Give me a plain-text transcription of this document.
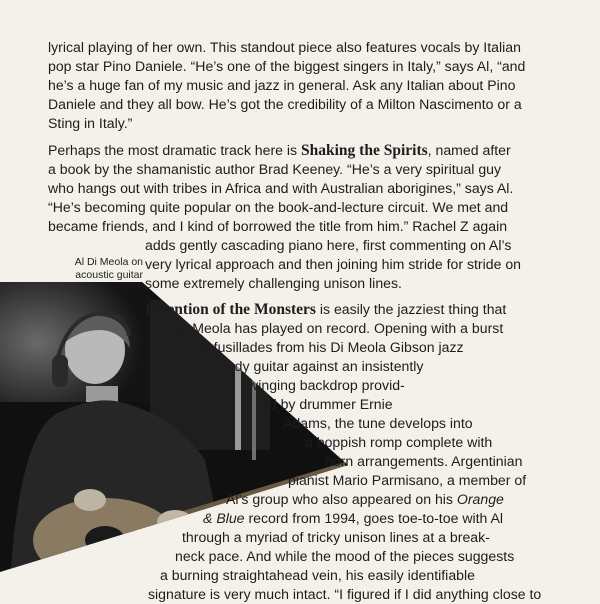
lyrical playing of her own. This standout piece also features vocals by Italian
pop star Pino Daniele. “He’s one of the biggest singers in Italy,” says Al, “and
he’s a huge fan of my music and jazz in general. Ask any Italian about Pino
Daniele and they all bow. He’s got the credibility of a Milton Nascimento or a
Sting in Italy.”
Perhaps the most dramatic track here is Shaking the Spirits, named after
a book by the shamanistic author Brad Keeney. “He’s a very spiritual guy
who hangs out with tribes in Africa and with Australian aborigines,” says Al.
“He’s becoming quite popular on the book-and-lecture circuit. We met and
became friends, and I kind of borrowed the title from him.” Rachel Z again
adds gently cascading piano here, first commenting on Al’s
very lyrical approach and then joining him stride for stride on
some extremely challenging unison lines.
Al Di Meola on
acoustic guitar
Invention of the Monsters is easily the jazziest thing that
Di Meola has played on record. Opening with a burst
of fusillades from his Di Meola Gibson jazz
body guitar against an insistently
swinging backdrop provid-
ed by drummer Ernie
Adams, the tune develops into
a boppish romp complete with
horn arrangements. Argentinian
pianist Mario Parmisano, a member of
Al’s group who also appeared on his Orange
& Blue record from 1994, goes toe-to-toe with Al
through a myriad of tricky unison lines at a break-
neck pace. And while the mood of the pieces suggests
a burning straightahead vein, his easily identifiable
signature is very much intact. “I figured if I did anything close to
